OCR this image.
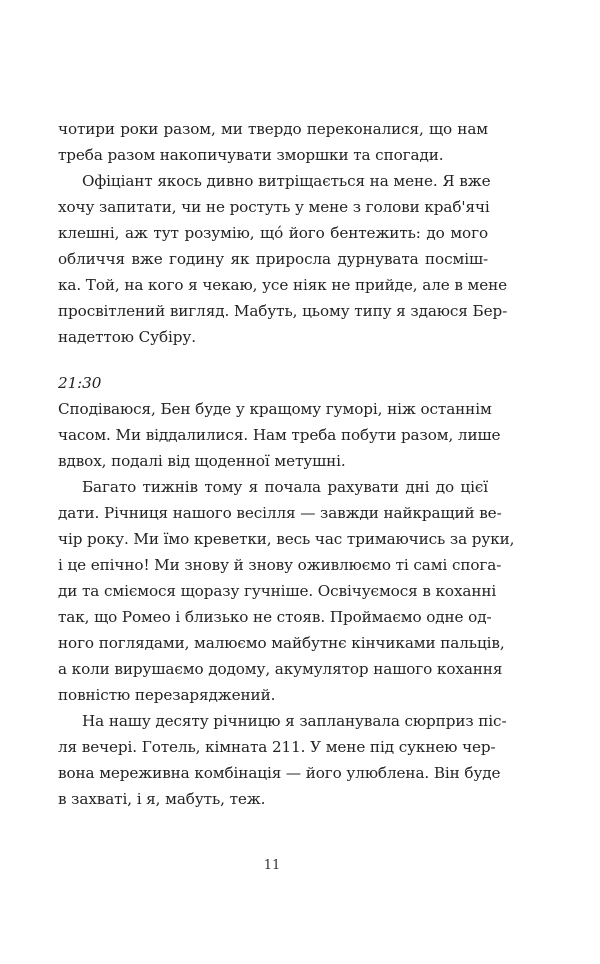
чотири роки разом, ми твердо переконалися, що нам
треба разом накопичувати зморшки та спогади.
Офіціант якось дивно витріщається на мене. Я вже
хочу запитати, чи не ростуть у мене з голови краб'ячі
клешні, аж тут розумію, щó його бентежить: до мого
обличчя вже годину як приросла дурнувата посміш-
ка. Той, на кого я чекаю, усе ніяк не прийде, але в мене
просвітлений вигляд. Мабуть, цьому типу я здаюся Бер-
надеттою Субіру.
21:30
Сподіваюся, Бен буде у кращому гуморі, ніж останнім
часом. Ми віддалилися. Нам треба побути разом, лише
вдвох, подалі від щоденної метушні.
Багато тижнів тому я почала рахувати дні до цієї
дати. Річниця нашого весілля — завжди найкращий ве-
чір року. Ми їмо креветки, весь час тримаючись за руки,
і це епічно! Ми знову й знову оживлюємо ті самі спога-
ди та сміємося щоразу гучніше. Освічуємося в коханні
так, що Ромео і близько не стояв. Проймаємо одне од-
ного поглядами, малюємо майбутнє кінчиками пальців,
а коли вирушаємо додому, акумулятор нашого кохання
повністю перезаряджений.
На нашу десяту річницю я запланувала сюрприз піс-
ля вечері. Готель, кімната 211. У мене під сукнею чер-
вона мереживна комбінація — його улюблена. Він буде
в захваті, і я, мабуть, теж.
11
